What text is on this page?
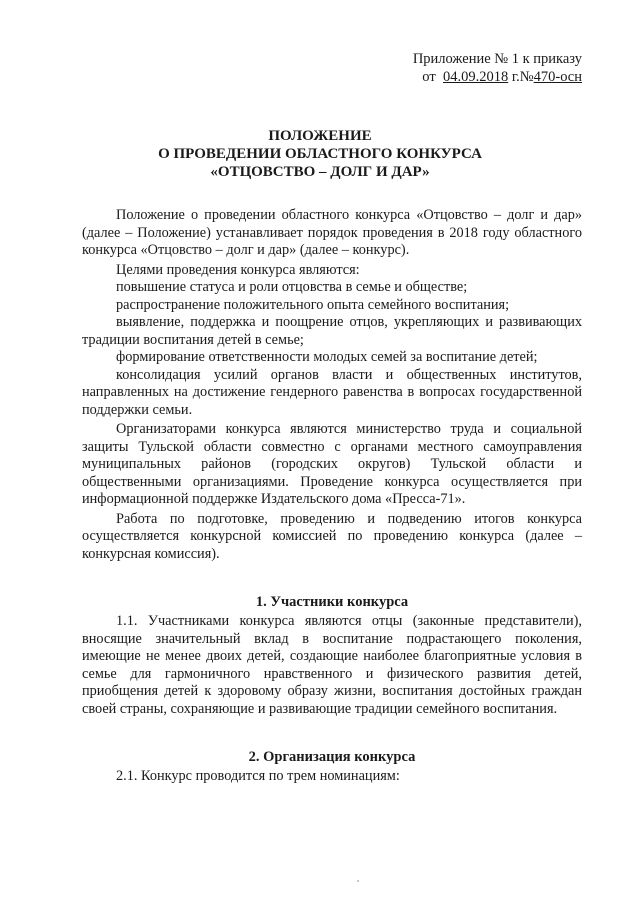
Приложение № 1 к приказу
от 04.09.2018 г.№470-осн
ПОЛОЖЕНИЕ
О ПРОВЕДЕНИИ ОБЛАСТНОГО КОНКУРСА
«ОТЦОВСТВО – ДОЛГ И ДАР»

Положение о проведении областного конкурса «Отцовство – долг и дар» (далее – Положение) устанавливает порядок проведения в 2018 году областного конкурса «Отцовство – долг и дар» (далее – конкурс).

Целями проведения конкурса являются:

повышение статуса и роли отцовства в семье и обществе;

распространение положительного опыта семейного воспитания;

выявление, поддержка и поощрение отцов, укрепляющих и развивающих традиции воспитания детей в семье;

формирование ответственности молодых семей за воспитание детей;

консолидация усилий органов власти и общественных институтов, направленных на достижение гендерного равенства в вопросах государственной поддержки семьи.

Организаторами конкурса являются министерство труда и социальной защиты Тульской области совместно с органами местного самоуправления муниципальных районов (городских округов) Тульской области и общественными организациями. Проведение конкурса осуществляется при информационной поддержке Издательского дома «Пресса-71».

Работа по подготовке, проведению и подведению итогов конкурса осуществляется конкурсной комиссией по проведению конкурса (далее – конкурсная комиссия).

1. Участники конкурса

1.1. Участниками конкурса являются отцы (законные представители), вносящие значительный вклад в воспитание подрастающего поколения, имеющие не менее двоих детей, создающие наиболее благоприятные условия в семье для гармоничного нравственного и физического развития детей, приобщения детей к здоровому образу жизни, воспитания достойных граждан своей страны, сохраняющие и развивающие традиции семейного воспитания.

2. Организация конкурса

2.1. Конкурс проводится по трем номинациям:
